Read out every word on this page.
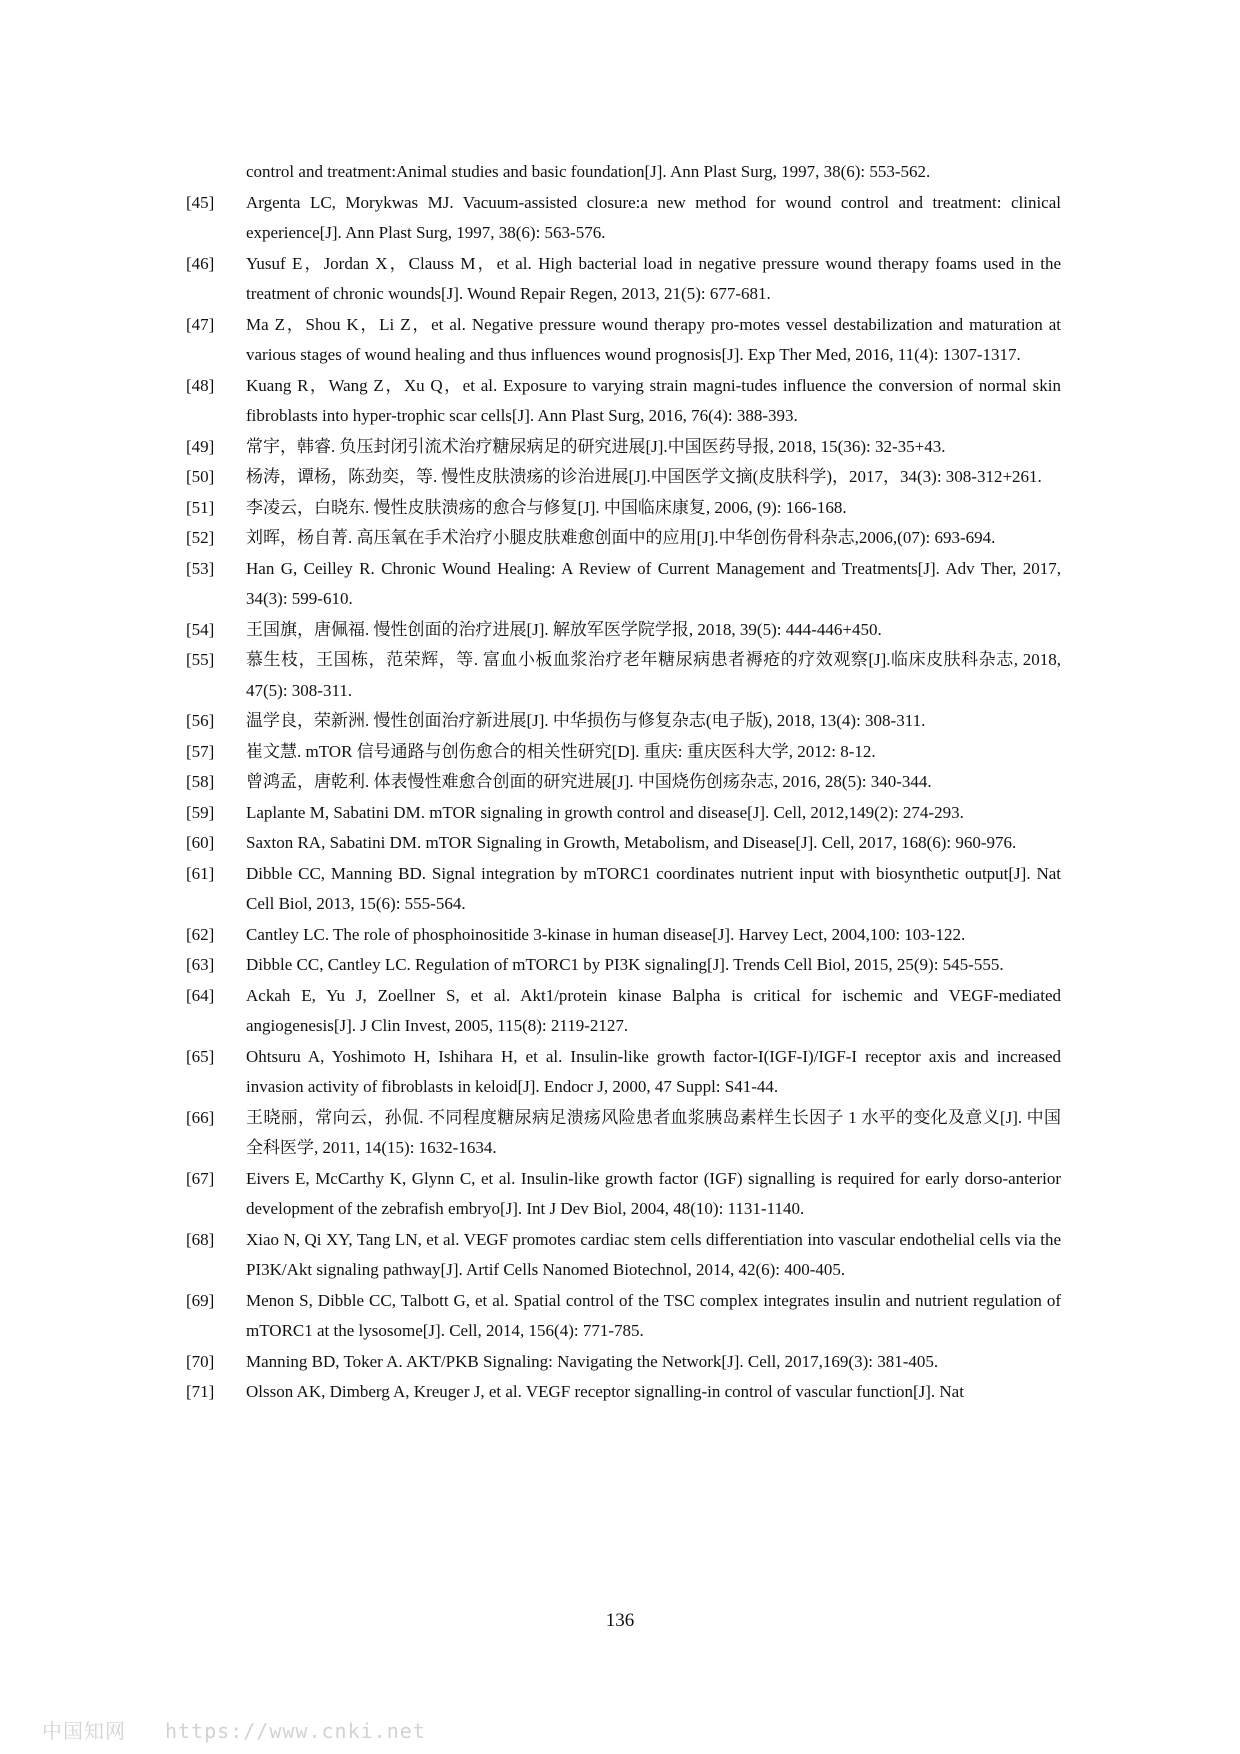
control and treatment:Animal studies and basic foundation[J]. Ann Plast Surg, 1997, 38(6): 553-562.
[45]	Argenta LC, Morykwas MJ. Vacuum-assisted closure:a new method for wound control and treatment: clinical experience[J]. Ann Plast Surg, 1997, 38(6): 563-576.
[46]	Yusuf E，Jordan X，Clauss M，et al. High bacterial load in negative pressure wound therapy foams used in the treatment of chronic wounds[J]. Wound Repair Regen, 2013, 21(5): 677-681.
[47]	Ma Z，Shou K，Li Z，et al. Negative pressure wound therapy pro-motes vessel destabilization and maturation at various stages of wound healing and thus influences wound prognosis[J]. Exp Ther Med, 2016, 11(4): 1307-1317.
[48]	Kuang R，Wang Z，Xu Q，et al. Exposure to varying strain magni-tudes influence the conversion of normal skin fibroblasts into hyper-trophic scar cells[J]. Ann Plast Surg, 2016, 76(4): 388-393.
[49]	常宇，韩睿. 负压封闭引流术治疗糖尿病足的研究进展[J].中国医药导报, 2018, 15(36): 32-35+43.
[50]	杨涛，谭杨，陈劲奕，等. 慢性皮肤溃疡的诊治进展[J].中国医学文摘(皮肤科学)，2017，34(3): 308-312+261.
[51]	李凌云，白晓东. 慢性皮肤溃疡的愈合与修复[J]. 中国临床康复, 2006, (9): 166-168.
[52]	刘晖，杨自菁. 高压氧在手术治疗小腿皮肤难愈创面中的应用[J].中华创伤骨科杂志,2006,(07): 693-694.
[53]	Han G, Ceilley R. Chronic Wound Healing: A Review of Current Management and Treatments[J]. Adv Ther, 2017, 34(3): 599-610.
[54]	王国旗，唐佩福. 慢性创面的治疗进展[J]. 解放军医学院学报, 2018, 39(5): 444-446+450.
[55]	慕生枝，王国栋，范荣辉，等. 富血小板血浆治疗老年糖尿病患者褥疮的疗效观察[J].临床皮肤科杂志, 2018, 47(5): 308-311.
[56]	温学良，荣新洲. 慢性创面治疗新进展[J]. 中华损伤与修复杂志(电子版), 2018, 13(4): 308-311.
[57]	崔文慧. mTOR 信号通路与创伤愈合的相关性研究[D]. 重庆: 重庆医科大学, 2012: 8-12.
[58]	曾鸿孟，唐乾利. 体表慢性难愈合创面的研究进展[J]. 中国烧伤创疡杂志, 2016, 28(5): 340-344.
[59]	Laplante M, Sabatini DM. mTOR signaling in growth control and disease[J]. Cell, 2012,149(2): 274-293.
[60]	Saxton RA, Sabatini DM. mTOR Signaling in Growth, Metabolism, and Disease[J]. Cell, 2017, 168(6): 960-976.
[61]	Dibble CC, Manning BD. Signal integration by mTORC1 coordinates nutrient input with biosynthetic output[J]. Nat Cell Biol, 2013, 15(6): 555-564.
[62]	Cantley LC. The role of phosphoinositide 3-kinase in human disease[J]. Harvey Lect, 2004,100: 103-122.
[63]	Dibble CC, Cantley LC. Regulation of mTORC1 by PI3K signaling[J]. Trends Cell Biol, 2015, 25(9): 545-555.
[64]	Ackah E, Yu J, Zoellner S, et al. Akt1/protein kinase Balpha is critical for ischemic and VEGF-mediated angiogenesis[J]. J Clin Invest, 2005, 115(8): 2119-2127.
[65]	Ohtsuru A, Yoshimoto H, Ishihara H, et al. Insulin-like growth factor-I(IGF-I)/IGF-I receptor axis and increased invasion activity of fibroblasts in keloid[J]. Endocr J, 2000, 47 Suppl: S41-44.
[66]	王晓丽，常向云，孙侃. 不同程度糖尿病足溃疡风险患者血浆胰岛素样生长因子 1 水平的变化及意义[J]. 中国全科医学, 2011, 14(15): 1632-1634.
[67]	Eivers E, McCarthy K, Glynn C, et al. Insulin-like growth factor (IGF) signalling is required for early dorso-anterior development of the zebrafish embryo[J]. Int J Dev Biol, 2004, 48(10): 1131-1140.
[68]	Xiao N, Qi XY, Tang LN, et al. VEGF promotes cardiac stem cells differentiation into vascular endothelial cells via the PI3K/Akt signaling pathway[J]. Artif Cells Nanomed Biotechnol, 2014, 42(6): 400-405.
[69]	Menon S, Dibble CC, Talbott G, et al. Spatial control of the TSC complex integrates insulin and nutrient regulation of mTORC1 at the lysosome[J]. Cell, 2014, 156(4): 771-785.
[70]	Manning BD, Toker A. AKT/PKB Signaling: Navigating the Network[J]. Cell, 2017,169(3): 381-405.
[71]	Olsson AK, Dimberg A, Kreuger J, et al. VEGF receptor signalling-in control of vascular function[J]. Nat
136
中国知网 https://www.cnki.net
